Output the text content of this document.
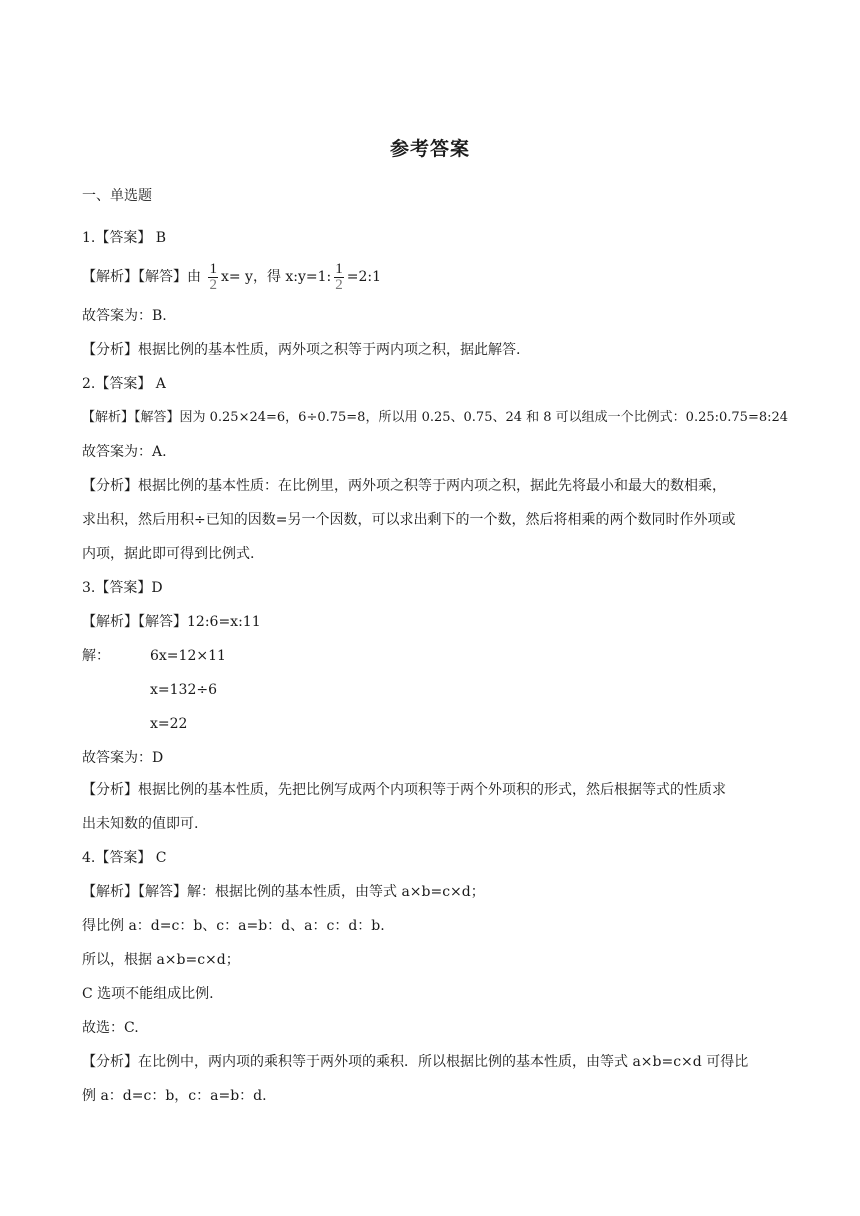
参考答案
一、单选题
1.【答案】 B
【解析】【解答】由 $\frac{1}{2} x= y$，得 x:y=1: $\frac{1}{2}$ =2:1
故答案为：B.
【分析】根据比例的基本性质，两外项之积等于两内项之积，据此解答.
2.【答案】 A
【解析】【解答】因为 0.25×24=6，6÷0.75=8，所以用 0.25、0.75、24 和 8 可以组成一个比例式：0.25:0.75=8:24
故答案为：A.
【分析】根据比例的基本性质：在比例里，两外项之积等于两内项之积，据此先将最小和最大的数相乘，
求出积，然后用积÷已知的因数=另一个因数，可以求出剩下的一个数，然后将相乘的两个数同时作外项或
内项，据此即可得到比例式.
3.【答案】D
【解析】【解答】12:6=x:11
解：	6x=12×11
x=132÷6
x=22
故答案为：D
【分析】根据比例的基本性质，先把比例写成两个内项积等于两个外项积的形式，然后根据等式的性质求
出未知数的值即可.
4.【答案】 C
【解析】【解答】解：根据比例的基本性质，由等式 a×b=c×d；
得比例 a：d=c：b、c：a=b：d、a：c：d：b.
所以，根据 a×b=c×d；
C 选项不能组成比例.
故选：C.
【分析】在比例中，两内项的乘积等于两外项的乘积．所以根据比例的基本性质，由等式 a×b=c×d 可得比
例 a：d=c：b，c：a=b：d.
